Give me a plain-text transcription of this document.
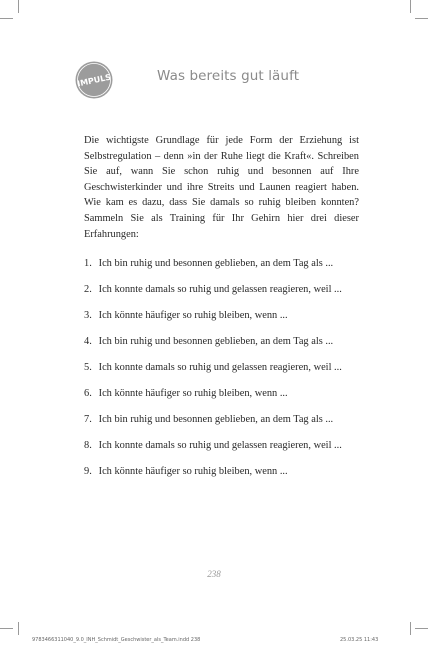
IMPULS	Was bereits gut läuft
Die wichtigste Grundlage für jede Form der Erziehung ist Selbstregulation – denn »in der Ruhe liegt die Kraft«. Schreiben Sie auf, wann Sie schon ruhig und besonnen auf Ihre Geschwisterkinder und ihre Streits und Launen reagiert haben. Wie kam es dazu, dass Sie damals so ruhig bleiben konnten? Sammeln Sie als Training für Ihr Gehirn hier drei dieser Erfahrungen:
1. Ich bin ruhig und besonnen geblieben, an dem Tag als ...
2. Ich konnte damals so ruhig und gelassen reagieren, weil ...
3. Ich könnte häufiger so ruhig bleiben, wenn ...
4. Ich bin ruhig und besonnen geblieben, an dem Tag als ...
5. Ich konnte damals so ruhig und gelassen reagieren, weil ...
6. Ich könnte häufiger so ruhig bleiben, wenn ...
7. Ich bin ruhig und besonnen geblieben, an dem Tag als ...
8. Ich konnte damals so ruhig und gelassen reagieren, weil ...
9. Ich könnte häufiger so ruhig bleiben, wenn ...
238
9783466311040_9.0_INH_Schmidt_Geschwister_als_Team.indd 238	25.03.25 11:43
